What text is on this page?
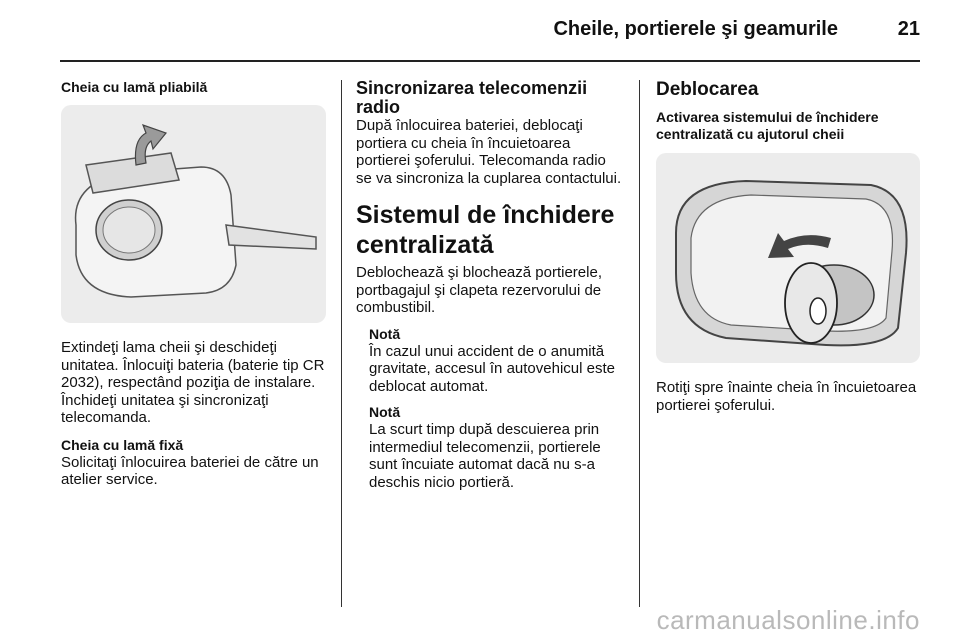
Cheile, portierele şi geamurile	21

Cheia cu lamă pliabilă

Extindeţi lama cheii şi deschideţi unitatea. Înlocuiţi bateria (baterie tip CR 2032), respectând poziţia de instalare. Închideţi unitatea şi sincronizaţi telecomanda.

Cheia cu lamă fixă

Solicitaţi înlocuirea bateriei de către un atelier service.

Sincronizarea telecomenzii radio

După înlocuirea bateriei, deblocaţi portiera cu cheia în încuietoarea portierei şoferului. Telecomanda radio se va sincroniza la cuplarea contactului.

Sistemul de închidere centralizată

Deblochează şi blochează portierele, portbagajul şi clapeta rezervorului de combustibil.

Notă

În cazul unui accident de o anumită gravitate, accesul în autovehicul este deblocat automat.

Notă

La scurt timp după descuierea prin intermediul telecomenzii, portierele sunt încuiate automat dacă nu s-a deschis nicio portieră.

Deblocarea

Activarea sistemului de închidere centralizată cu ajutorul cheii

Rotiţi spre înainte cheia în încuietoarea portierei şoferului.

carmanualsonline.info
